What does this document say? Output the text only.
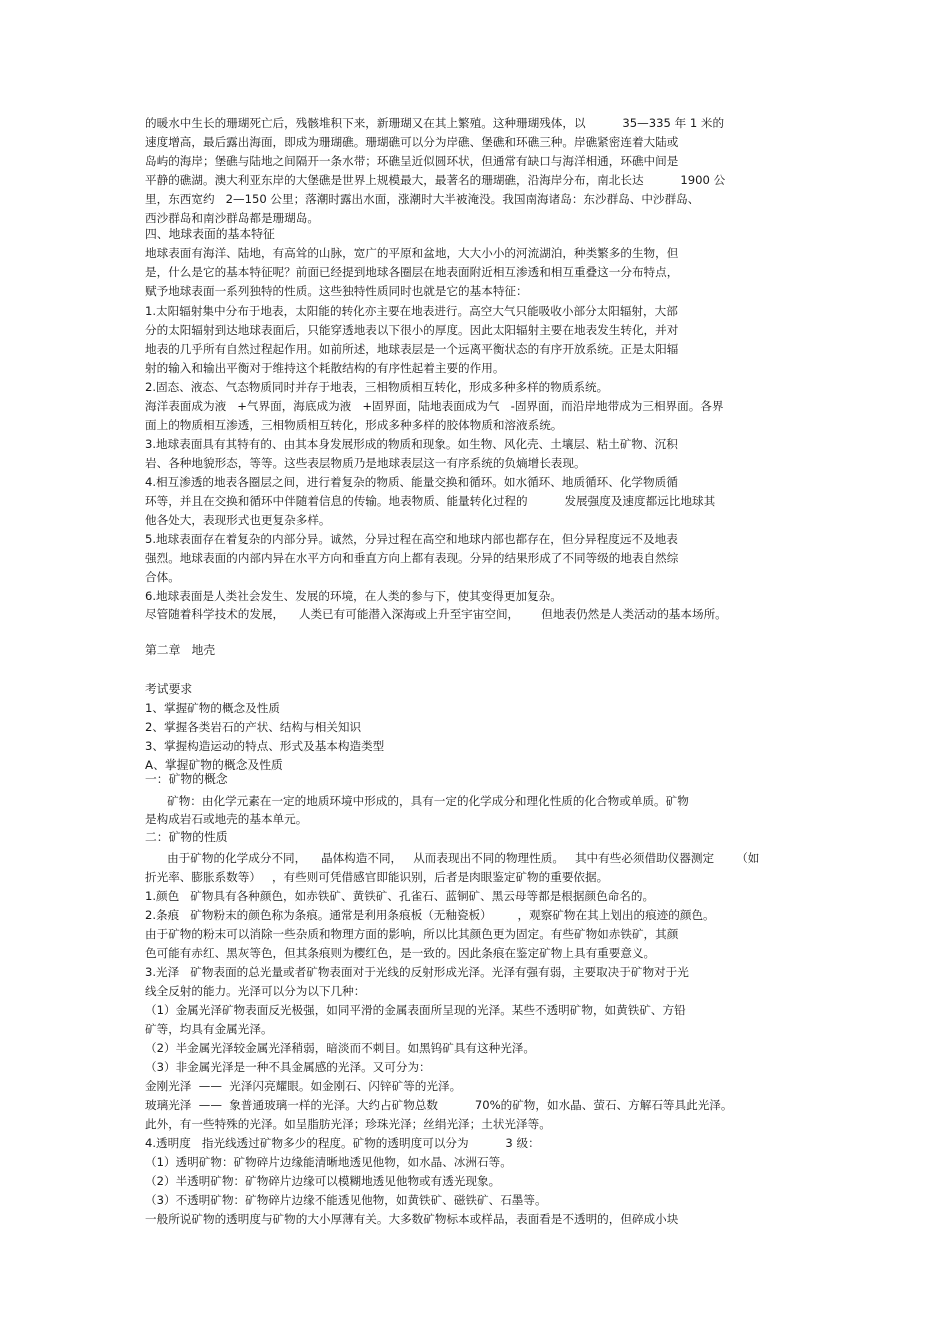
的暖水中生长的珊瑚死亡后，残骸堆积下来，新珊瑚又在其上繁殖。这种珊瑚残体，以          35—335 年 1 米的

速度增高，最后露出海面，即成为珊瑚礁。珊瑚礁可以分为岸礁、堡礁和环礁三种。岸礁紧密连着大陆或

岛屿的海岸；堡礁与陆地之间隔开一条水带；环礁呈近似圆环状，但通常有缺口与海洋相通，环礁中间是

平静的礁湖。澳大利亚东岸的大堡礁是世界上规模最大，最著名的珊瑚礁，沿海岸分布，南北长达          1900 公

里，东西宽约   2—150 公里；落潮时露出水面，涨潮时大半被淹没。我国南海诸岛：东沙群岛、中沙群岛、

西沙群岛和南沙群岛都是珊瑚岛。

四、地球表面的基本特征

地球表面有海洋、陆地，有高耸的山脉，宽广的平原和盆地，大大小小的河流湖泊，种类繁多的生物，但

是，什么是它的基本特征呢？前面已经提到地球各圈层在地表面附近相互渗透和相互重叠这一分布特点，

赋予地球表面一系列独特的性质。这些独特性质同时也就是它的基本特征：

1.太阳辐射集中分布于地表，太阳能的转化亦主要在地表进行。高空大气只能吸收小部分太阳辐射，大部

分的太阳辐射到达地球表面后，只能穿透地表以下很小的厚度。因此太阳辐射主要在地表发生转化，并对

地表的几乎所有自然过程起作用。如前所述，地球表层是一个远离平衡状态的有序开放系统。正是太阳辐

射的输入和输出平衡对于维持这个耗散结构的有序性起着主要的作用。

2.固态、液态、气态物质同时并存于地表，三相物质相互转化，形成多种多样的物质系统。

海洋表面成为液   +气界面，海底成为液   +固界面，陆地表面成为气   -固界面，而沿岸地带成为三相界面。各界

面上的物质相互渗透，三相物质相互转化，形成多种多样的胶体物质和溶液系统。

3.地球表面具有其特有的、由其本身发展形成的物质和现象。如生物、风化壳、土壤层、粘土矿物、沉积

岩、各种地貌形态，等等。这些表层物质乃是地球表层这一有序系统的负熵增长表现。

4.相互渗透的地表各圈层之间，进行着复杂的物质、能量交换和循环。如水循环、地质循环、化学物质循

环等，并且在交换和循环中伴随着信息的传输。地表物质、能量转化过程的          发展强度及速度都远比地球其

他各处大，表现形式也更复杂多样。

5.地球表面存在着复杂的内部分异。诚然，分异过程在高空和地球内部也都存在，但分异程度远不及地表

强烈。地球表面的内部内异在水平方向和垂直方向上都有表现。分异的结果形成了不同等级的地表自然综

合体。

6.地球表面是人类社会发生、发展的环境，在人类的参与下，使其变得更加复杂。

尽管随着科学技术的发展，    人类已有可能潜入深海或上升至宇宙空间，      但地表仍然是人类活动的基本场所。

第二章   地壳

考试要求

1、掌握矿物的概念及性质

2、掌握各类岩石的产状、结构与相关知识

3、掌握构造运动的特点、形式及基本构造类型

A、掌握矿物的概念及性质

一：矿物的概念

矿物：由化学元素在一定的地质环境中形成的，具有一定的化学成分和理化性质的化合物或单质。矿物

是构成岩石或地壳的基本单元。

二：矿物的性质

由于矿物的化学成分不同，    晶体构造不同，   从而表现出不同的物理性质。   其中有些必须借助仪器测定      （如

折光率、膨胀系数等）   ，有些则可凭借感官即能识别，后者是肉眼鉴定矿物的重要依据。

1.颜色   矿物具有各种颜色，如赤铁矿、黄铁矿、孔雀石、蓝铜矿、黑云母等都是根据颜色命名的。

2.条痕   矿物粉末的颜色称为条痕。通常是利用条痕板（无釉瓷板）       ，观察矿物在其上划出的痕迹的颜色。

由于矿物的粉末可以消除一些杂质和物理方面的影响，所以比其颜色更为固定。有些矿物如赤铁矿，其颜

色可能有赤红、黑灰等色，但其条痕则为樱红色，是一致的。因此条痕在鉴定矿物上具有重要意义。

3.光泽   矿物表面的总光量或者矿物表面对于光线的反射形成光泽。光泽有强有弱，主要取决于矿物对于光

线全反射的能力。光泽可以分为以下几种：

（1）金属光泽矿物表面反光极强，如同平滑的金属表面所呈现的光泽。某些不透明矿物，如黄铁矿、方铅

矿等，均具有金属光泽。

（2）半金属光泽较金属光泽稍弱，暗淡而不刺目。如黑钨矿具有这种光泽。

（3）非金属光泽是一种不具金属感的光泽。又可分为：

金刚光泽  ——  光泽闪亮耀眼。如金刚石、闪锌矿等的光泽。

玻璃光泽  ——  象普通玻璃一样的光泽。大约占矿物总数          70%的矿物，如水晶、萤石、方解石等具此光泽。

此外，有一些特殊的光泽。如呈脂肪光泽；珍珠光泽；丝绢光泽；土状光泽等。

4.透明度   指光线透过矿物多少的程度。矿物的透明度可以分为          3 级：

（1）透明矿物：矿物碎片边缘能清晰地透见他物，如水晶、冰洲石等。

（2）半透明矿物：矿物碎片边缘可以模糊地透见他物或有透光现象。

（3）不透明矿物：矿物碎片边缘不能透见他物，如黄铁矿、磁铁矿、石墨等。

一般所说矿物的透明度与矿物的大小厚薄有关。大多数矿物标本或样品，表面看是不透明的，但碎成小块
